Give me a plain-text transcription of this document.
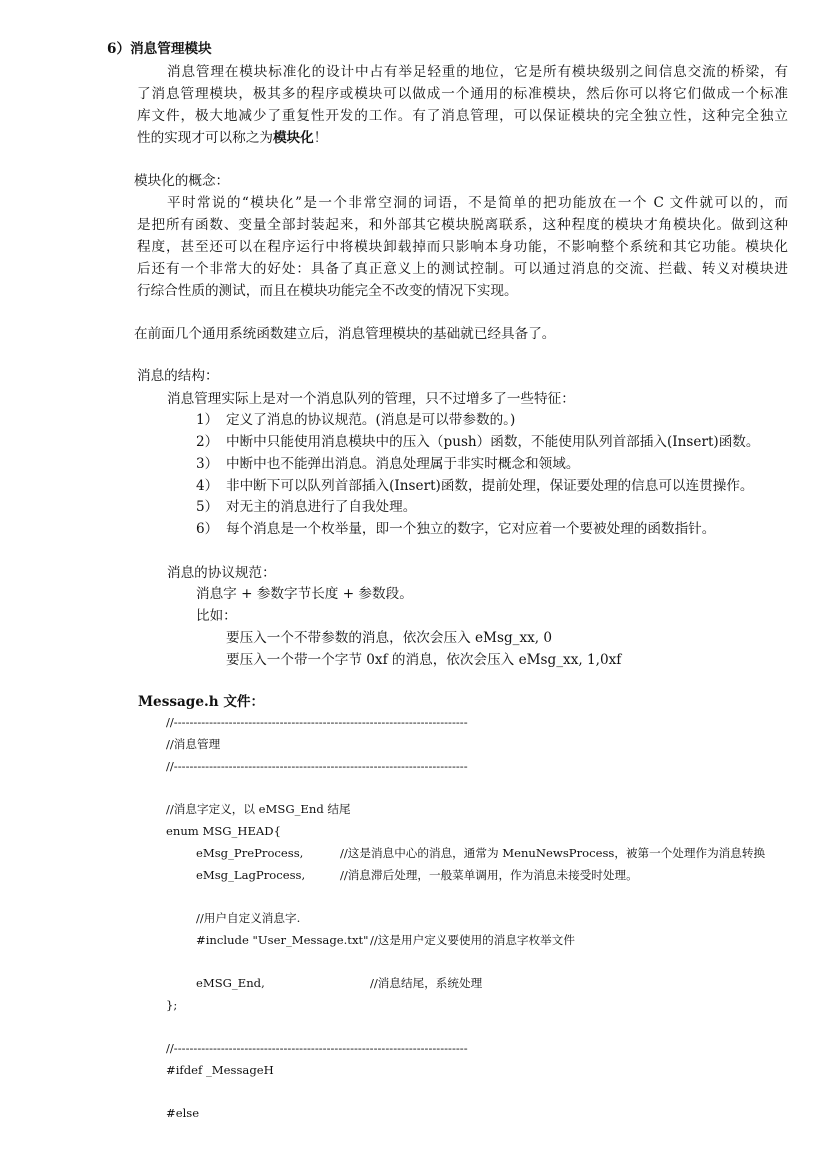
6）消息管理模块
消息管理在模块标准化的设计中占有举足轻重的地位，它是所有模块级别之间信息交流的桥梁，有
了消息管理模块，极其多的程序或模块可以做成一个通用的标准模块，然后你可以将它们做成一个标准
库文件，极大地减少了重复性开发的工作。有了消息管理，可以保证模块的完全独立性，这种完全独立
性的实现才可以称之为模块化！
模块化的概念：
平时常说的“模块化”是一个非常空洞的词语，不是简单的把功能放在一个 C 文件就可以的，而
是把所有函数、变量全部封装起来，和外部其它模块脱离联系，这种程度的模块才角模块化。做到这种
程度，甚至还可以在程序运行中将模块卸载掉而只影响本身功能，不影响整个系统和其它功能。模块化
后还有一个非常大的好处：具备了真正意义上的测试控制。可以通过消息的交流、拦截、转义对模块进
行综合性质的测试，而且在模块功能完全不改变的情况下实现。
在前面几个通用系统函数建立后，消息管理模块的基础就已经具备了。
消息的结构：
消息管理实际上是对一个消息队列的管理，只不过增多了一些特征：
1） 定义了消息的协议规范。(消息是可以带参数的。)
2） 中断中只能使用消息模块中的压入（push）函数，不能使用队列首部插入(Insert)函数。
3） 中断中也不能弹出消息。消息处理属于非实时概念和领域。
4） 非中断下可以队列首部插入(Insert)函数，提前处理，保证要处理的信息可以连贯操作。
5） 对无主的消息进行了自我处理。
6） 每个消息是一个枚举量，即一个独立的数字，它对应着一个要被处理的函数指针。
消息的协议规范：
消息字 + 参数字节长度 + 参数段。
比如：
要压入一个不带参数的消息，依次会压入 eMsg_xx, 0
要压入一个带一个字节 0xf 的消息，依次会压入 eMsg_xx, 1,0xf
Message.h 文件：
//---------------------------------------------------------------------------
//消息管理
//---------------------------------------------------------------------------
//消息字定义，以 eMSG_End 结尾
enum MSG_HEAD{
eMsg_PreProcess,	//这是消息中心的消息，通常为 MenuNewsProcess，被第一个处理作为消息转换
eMsg_LagProcess,	//消息滞后处理，一般菜单调用，作为消息未接受时处理。
//用户自定义消息字.
#include "User_Message.txt" //这是用户定义要使用的消息字枚举文件
eMSG_End,	//消息结尾，系统处理
};
//---------------------------------------------------------------------------
#ifdef _MessageH
#else
